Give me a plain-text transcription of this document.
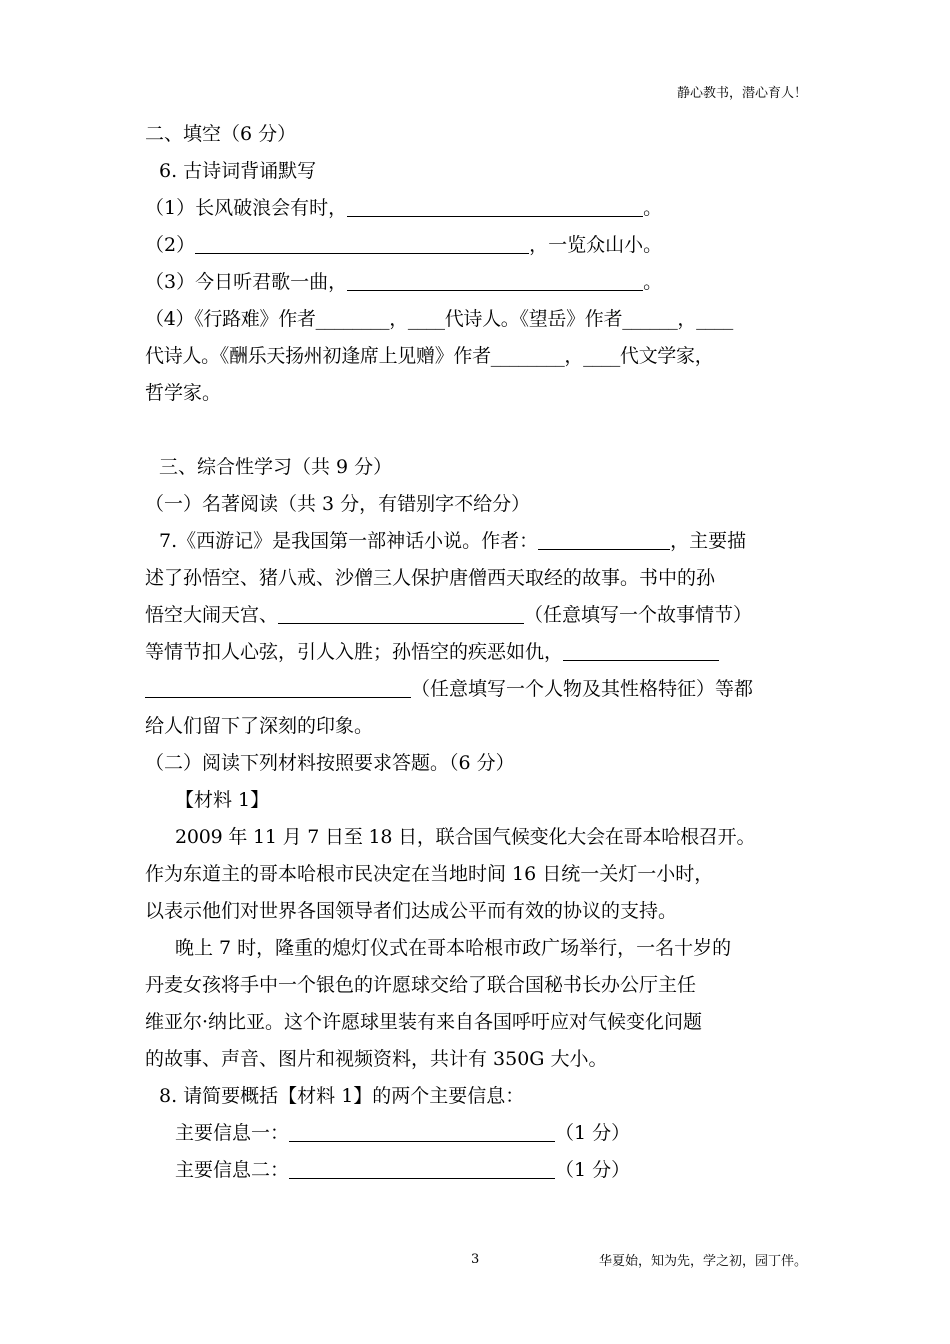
静心教书，潜心育人！
二、填空（6 分）
6. 古诗词背诵默写
（1）长风破浪会有时，	。
（2）	，一览众山小。
（3）今日听君歌一曲，	。
（4）《行路难》作者________，____代诗人。《望岳》作者______，____
代诗人。《酬乐天扬州初逢席上见赠》作者________，____代文学家，
哲学家。
三、综合性学习（共 9 分）
（一）名著阅读（共 3 分，有错别字不给分）
7.《西游记》是我国第一部神话小说。作者：	，主要描
述了孙悟空、猪八戒、沙僧三人保护唐僧西天取经的故事。书中的孙
悟空大闹天宫、	（任意填写一个故事情节）
等情节扣人心弦，引人入胜；孙悟空的疾恶如仇，
（任意填写一个人物及其性格特征）等都
给人们留下了深刻的印象。
（二）阅读下列材料按照要求答题。（6 分）
【材料 1】
2009 年 11 月 7 日至 18 日，联合国气候变化大会在哥本哈根召开。
作为东道主的哥本哈根市民决定在当地时间 16 日统一关灯一小时，
以表示他们对世界各国领导者们达成公平而有效的协议的支持。
晚上 7 时，隆重的熄灯仪式在哥本哈根市政广场举行，一名十岁的
丹麦女孩将手中一个银色的许愿球交给了联合国秘书长办公厅主任
维亚尔·纳比亚。这个许愿球里装有来自各国呼吁应对气候变化问题
的故事、声音、图片和视频资料，共计有 350G 大小。
8. 请简要概括【材料 1】的两个主要信息：
主要信息一：	（1 分）
主要信息二：	（1 分）
3	华夏始，知为先，学之初，园丁伴。
